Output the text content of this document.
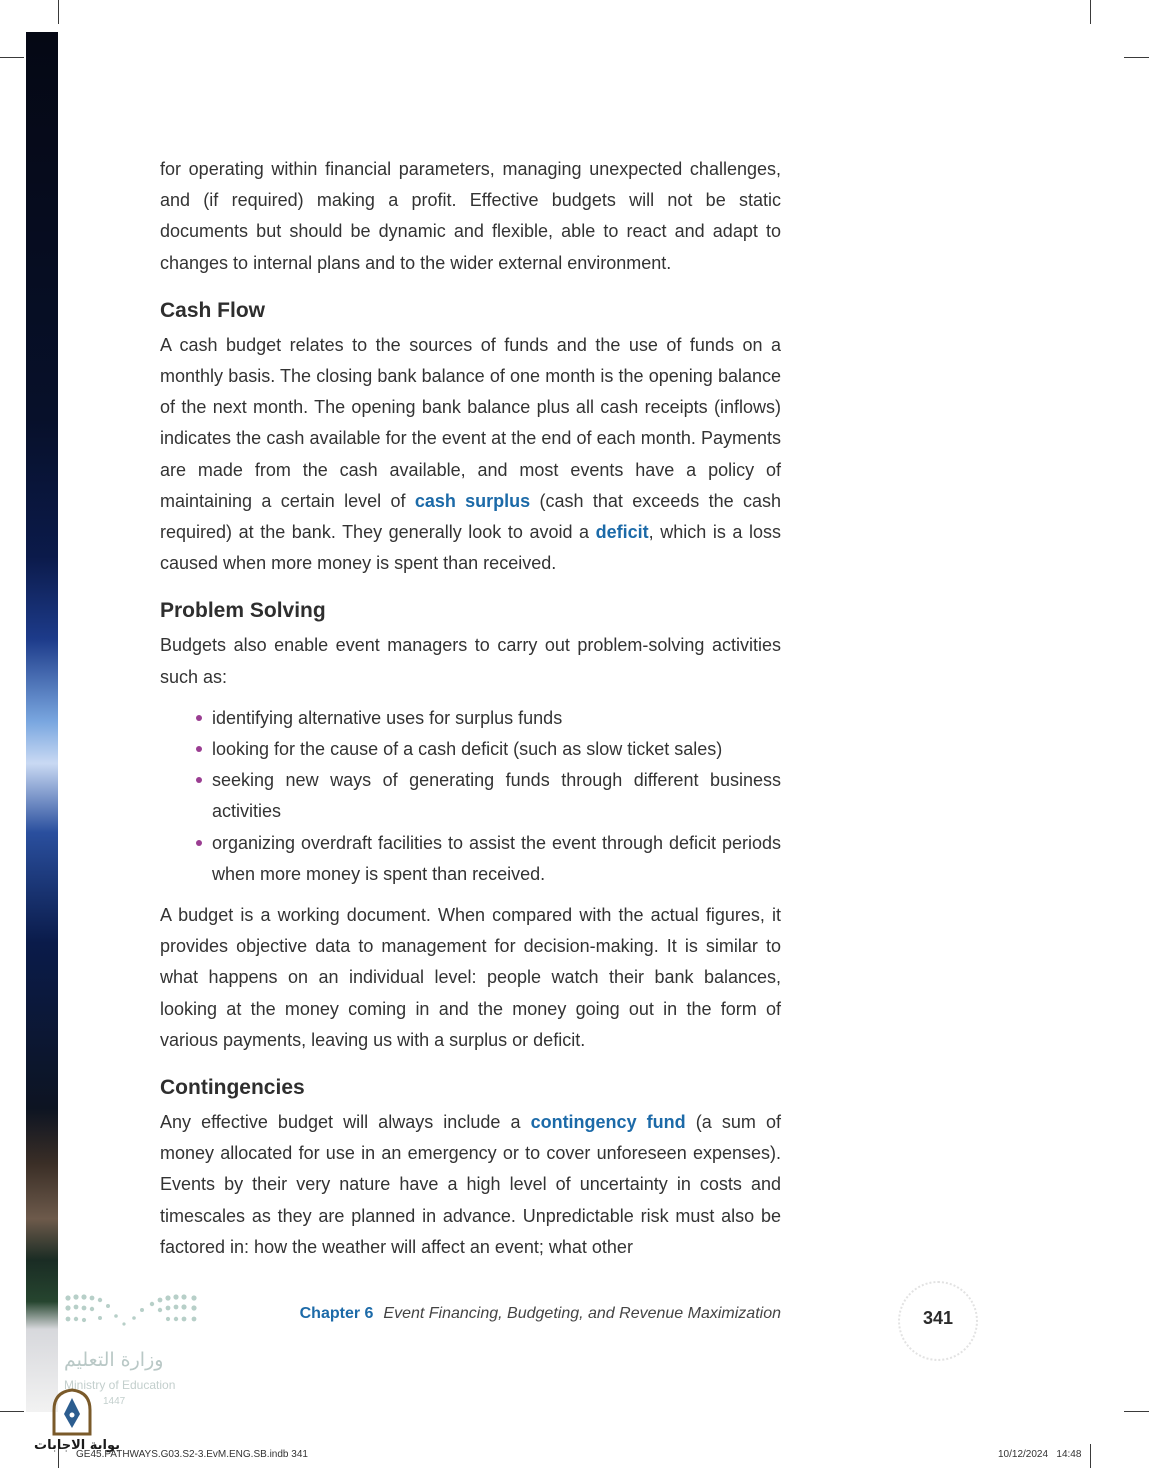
for operating within financial parameters, managing unexpected challenges, and (if required) making a profit. Effective budgets will not be static documents but should be dynamic and flexible, able to react and adapt to changes to internal plans and to the wider external environment.

Cash Flow

A cash budget relates to the sources of funds and the use of funds on a monthly basis. The closing bank balance of one month is the opening balance of the next month. The opening bank balance plus all cash receipts (inflows) indicates the cash available for the event at the end of each month. Payments are made from the cash available, and most events have a policy of maintaining a certain level of cash surplus (cash that exceeds the cash required) at the bank. They generally look to avoid a deficit, which is a loss caused when more money is spent than received.

Problem Solving

Budgets also enable event managers to carry out problem-solving activities such as:

identifying alternative uses for surplus funds
looking for the cause of a cash deficit (such as slow ticket sales)
seeking new ways of generating funds through different business activities
organizing overdraft facilities to assist the event through deficit periods when more money is spent than received.

A budget is a working document. When compared with the actual figures, it provides objective data to management for decision-making. It is similar to what happens on an individual level: people watch their bank balances, looking at the money coming in and the money going out in the form of various payments, leaving us with a surplus or deficit.

Contingencies

Any effective budget will always include a contingency fund (a sum of money allocated for use in an emergency or to cover unforeseen expenses). Events by their very nature have a high level of uncertainty in costs and timescales as they are planned in advance. Unpredictable risk must also be factored in: how the weather will affect an event; what other

وزارة التعليم
Ministry of Education
1447
بوابة الاجابات
Chapter 6 Event Financing, Budgeting, and Revenue Maximization	341
GE45.PATHWAYS.G03.S2-3.EvM.ENG.SB.indb 341	10/12/2024 14:48
